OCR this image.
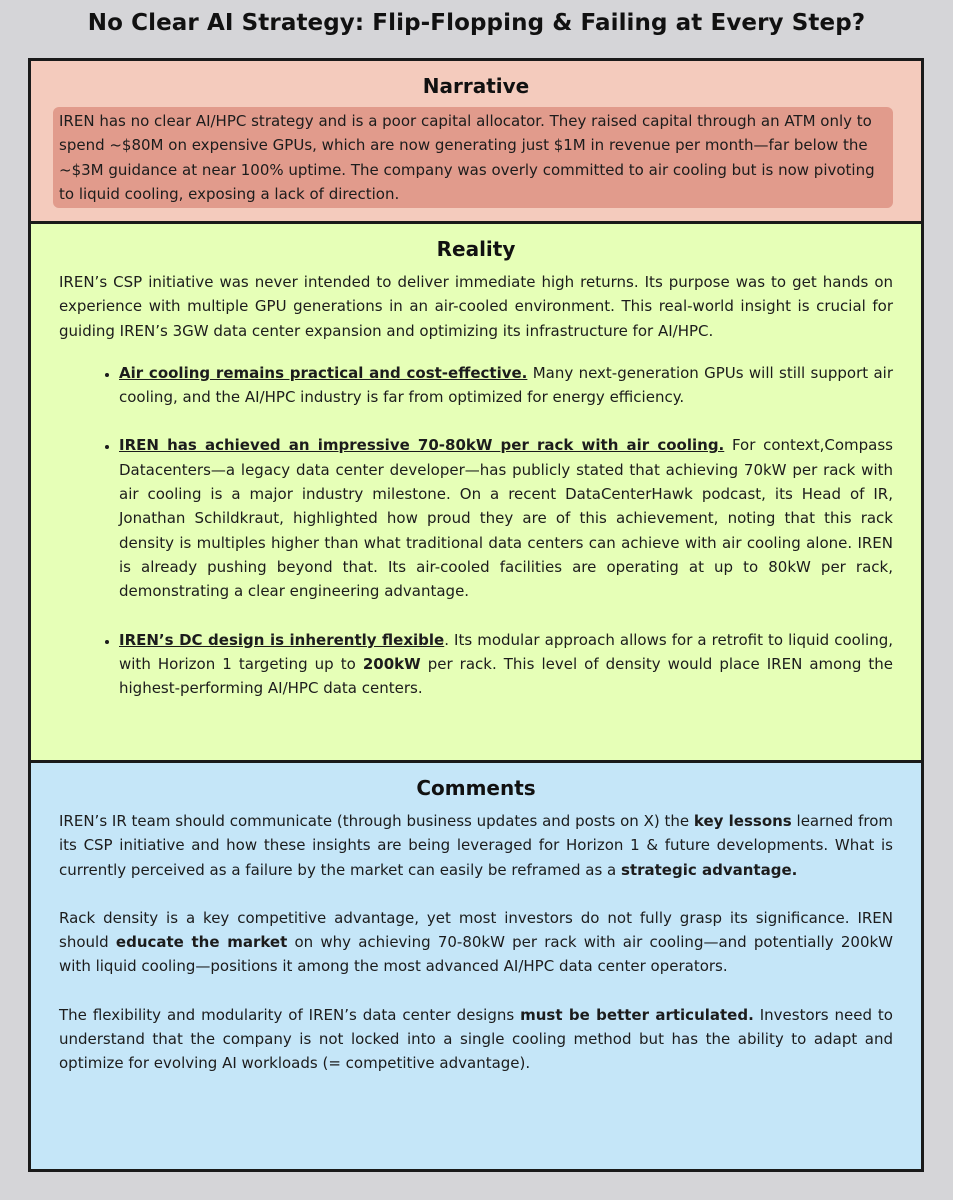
No Clear AI Strategy: Flip-Flopping & Failing at Every Step?
Narrative

IREN has no clear AI/HPC strategy and is a poor capital allocator. They raised capital through an ATM only to spend ~$80M on expensive GPUs, which are now generating just $1M in revenue per month—far below the ~$3M guidance at near 100% uptime. The company was overly committed to air cooling but is now pivoting to liquid cooling, exposing a lack of direction.

Reality

IREN’s CSP initiative was never intended to deliver immediate high returns. Its purpose was to get hands on experience with multiple GPU generations in an air-cooled environment. This real-world insight is crucial for guiding IREN’s 3GW data center expansion and optimizing its infrastructure for AI/HPC.

• Air cooling remains practical and cost-effective. Many next-generation GPUs will still support air cooling, and the AI/HPC industry is far from optimized for energy efficiency.
• IREN has achieved an impressive 70-80kW per rack with air cooling. For context,Compass Datacenters—a legacy data center developer—has publicly stated that achieving 70kW per rack with air cooling is a major industry milestone. On a recent DataCenterHawk podcast, its Head of IR, Jonathan Schildkraut, highlighted how proud they are of this achievement, noting that this rack density is multiples higher than what traditional data centers can achieve with air cooling alone. IREN is already pushing beyond that. Its air-cooled facilities are operating at up to 80kW per rack, demonstrating a clear engineering advantage.
• IREN’s DC design is inherently flexible. Its modular approach allows for a retrofit to liquid cooling, with Horizon 1 targeting up to 200kW per rack. This level of density would place IREN among the highest-performing AI/HPC data centers.
Comments

IREN’s IR team should communicate (through business updates and posts on X) the key lessons learned from its CSP initiative and how these insights are being leveraged for Horizon 1 & future developments. What is currently perceived as a failure by the market can easily be reframed as a strategic advantage.

Rack density is a key competitive advantage, yet most investors do not fully grasp its significance. IREN should educate the market on why achieving 70-80kW per rack with air cooling—and potentially 200kW with liquid cooling—positions it among the most advanced AI/HPC data center operators.

The flexibility and modularity of IREN’s data center designs must be better articulated. Investors need to understand that the company is not locked into a single cooling method but has the ability to adapt and optimize for evolving AI workloads (= competitive advantage).
